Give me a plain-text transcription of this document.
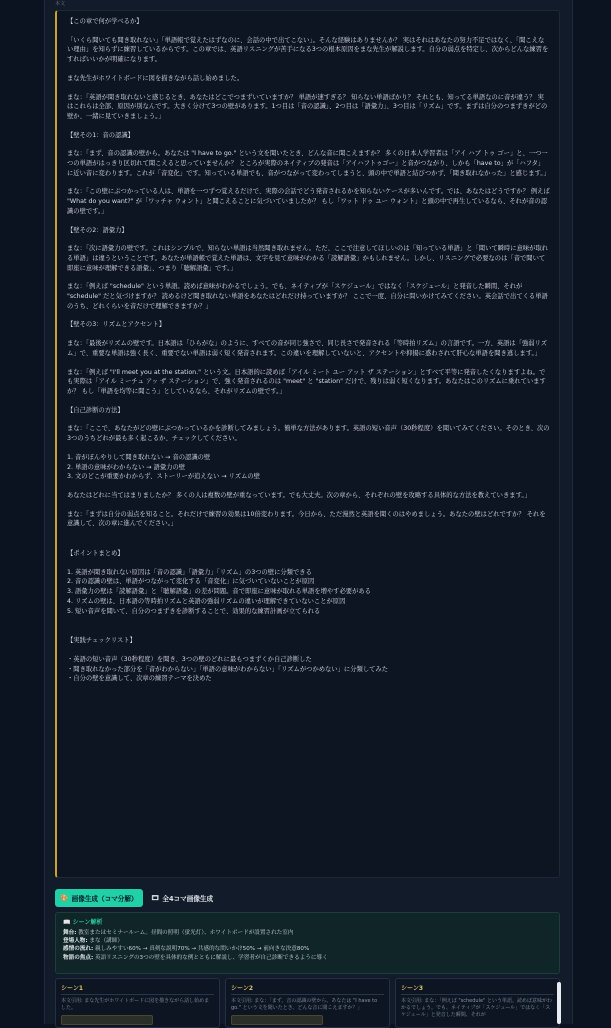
本文

【この章で何が学べるか】

「いくら聞いても聞き取れない」「単語帳で覚えたはずなのに、会話の中で出てこない」。そんな経験はありませんか？ 実はそれはあなたの努力不足ではなく、「聞こえない理由」を知らずに練習しているからです。この章では、英語リスニングが苦手になる3つの根本原因をまな先生が解説します。自分の弱点を特定し、次からどんな練習をすればいいかが明確になります。

まな先生がホワイトボードに図を描きながら話し始めました。

まな：「英語が聞き取れないと感じるとき、あなたはどこでつまずいていますか？ 単語が速すぎる？ 知らない単語ばかり？ それとも、知ってる単語なのに音が違う？ 実はこれらは全部、原因が別なんです。大きく分けて3つの壁があります。1つ目は「音の認識」、2つ目は「語彙力」、3つ目は「リズム」です。まずは自分のつまずきがどの壁か、一緒に見ていきましょう。」

【壁その1：音の認識】

まな：「まず、音の認識の壁から。あなたは "I have to go." という文を聞いたとき、どんな音に聞こえますか？ 多くの日本人学習者は「アイ ハブ トゥ ゴー」と、一つ一つの単語がはっきり区切れて聞こえると思っていませんか？ ところが実際のネイティブの発音は「アイハフトゥゴー」と音がつながり、しかも「have to」が「ハフタ」に近い音に変わります。これが「音変化」です。知っている単語でも、音がつながって変わってしまうと、頭の中で単語と結びつかず、「聞き取れなかった」と感じます。」

まな：「この壁にぶつかっている人は、単語を一つずつ覚えるだけで、実際の会話でどう発音されるかを知らないケースが多いんです。では、あなたはどうですか？ 例えば "What do you want?" が「ワッチャ ウォント」と聞こえることに気づいていましたか？ もし「ワット ドゥ ユー ウォント」と頭の中で再生しているなら、それが音の認識の壁です。」

【壁その2：語彙力】

まな：「次に語彙力の壁です。これはシンプルで、知らない単語は当然聞き取れません。ただ、ここで注意してほしいのは「知っている単語」と「聞いて瞬時に意味が取れる単語」は違うということです。あなたが単語帳で覚えた単語は、文字を見て意味がわかる「読解語彙」かもしれません。しかし、リスニングで必要なのは「音で聞いて即座に意味が理解できる語彙」、つまり「聴解語彙」です。」

まな：「例えば "schedule" という単語。読めば意味がわかるでしょう。でも、ネイティブが「スケジュール」ではなく「スケジュール」と発音した瞬間、それが "schedule" だと気づけますか？ 読めるけど聞き取れない単語をあなたはどれだけ持っていますか？ ここで一度、自分に問いかけてみてください。英会話で出てくる単語のうち、どれくらいを音だけで理解できますか？」

【壁その3：リズムとアクセント】

まな：「最後がリズムの壁です。日本語は「ひらがな」のように、すべての音が同じ強さで、同じ長さで発音される「等時拍リズム」の言語です。一方、英語は「強弱リズム」で、重要な単語は強く長く、重要でない単語は弱く短く発音されます。この違いを理解していないと、アクセントや抑揚に惑わされて肝心な単語を聞き逃します。」

まな：「例えば "I'll meet you at the station." という文。日本語的に読めば「アイル ミート ユー アット ザ ステーション」とすべて平等に発音したくなりますよね。でも実際は「アイル ミーチュ アッ ザ ステーション」で、強く発音されるのは "meet" と "station" だけで、残りは弱く短くなります。あなたはこのリズムに乗れていますか？ もし「単語を均等に聞こう」としているなら、それがリズムの壁です。」

【自己診断の方法】

まな：「ここで、あなたがどの壁にぶつかっているかを診断してみましょう。簡単な方法があります。英語の短い音声（30秒程度）を聞いてみてください。そのとき、次の3つのうちどれが最も多く起こるか、チェックしてください。

1. 音がぼんやりして聞き取れない → 音の認識の壁
2. 単語の意味がわからない → 語彙力の壁
3. 文のどこが重要かわからず、ストーリーが追えない → リズムの壁

あなたはどれに当てはまりましたか？ 多くの人は複数の壁が重なっています。でも大丈夫。次の章から、それぞれの壁を攻略する具体的な方法を教えていきます。」

まな：「まずは自分の弱点を知ること。それだけで練習の効果は10倍変わります。今日から、ただ漫然と英語を聞くのはやめましょう。あなたの壁はどれですか？ それを意識して、次の章に進んでください。」

【ポイントまとめ】

1. 英語が聞き取れない原因は「音の認識」「語彙力」「リズム」の3つの壁に分類できる
2. 音の認識の壁は、単語がつながって変化する「音変化」に気づいていないことが原因
3. 語彙力の壁は「読解語彙」と「聴解語彙」の差が問題。音で即座に意味が取れる単語を増やす必要がある
4. リズムの壁は、日本語の等時拍リズムと英語の強弱リズムの違いが理解できていないことが原因
5. 短い音声を聞いて、自分のつまずきを診断することで、効果的な練習計画が立てられる

【実践チェックリスト】

・英語の短い音声（30秒程度）を聞き、3つの壁のどれに最もつまずくか自己診断した
・聞き取れなかった部分を「音がわからない」「単語の意味がわからない」「リズムがつかめない」に分類してみた
・自分の壁を意識して、次章の練習テーマを決めた

🎨 画像生成（コマ分解） 🎞 全4コマ画像生成
📖 シーン解析
舞台: 教室またはセミナールーム。昼間の照明（蛍光灯）、ホワイトボードが設置された室内
登場人物: まな（講師）
感情の流れ: 親しみやすい60% → 真剣な説明70% → 共感的な問いかけ50% → 前向きな決意80%
物語の焦点: 英語リスニングの3つの壁を具体的な例とともに解説し、学習者が自己診断できるように導く
シーン1
本文引用: まな先生がホワイトボードに図を描きながら話し始めました。
シーン2
本文引用: まな：「まず、音の認識の壁から。あなたは "I have to go." という文を聞いたとき、どんな音に聞こえますか？」
シーン3
本文引用: まな：「例えば "schedule" という単語。読めば意味がわかるでしょう。でも、ネイティブが「スケジュール」ではなく「スケジュール」と発音した瞬間、それが
